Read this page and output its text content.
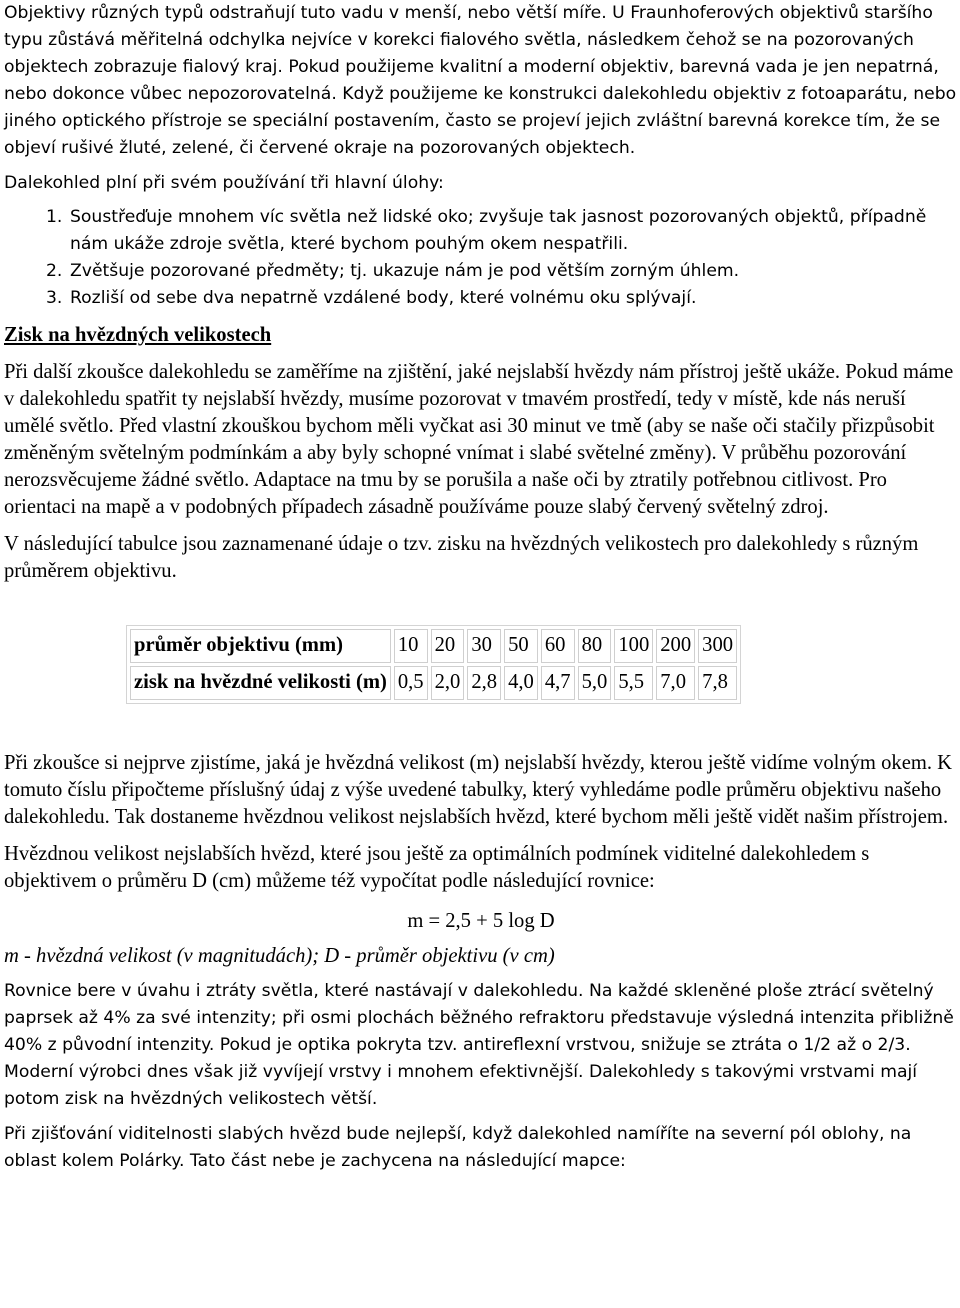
Objektivy různých typů odstraňují tuto vadu v menší, nebo větší míře. U Fraunhoferových objektivů staršího typu zůstává měřitelná odchylka nejvíce v korekci fialového světla, následkem čehož se na pozorovaných objektech zobrazuje fialový kraj. Pokud použijeme kvalitní a moderní objektiv, barevná vada je jen nepatrná, nebo dokonce vůbec nepozorovatelná. Když použijeme ke konstrukci dalekohledu objektiv z fotoaparátu, nebo jiného optického přístroje se speciální postavením, často se projeví jejich zvláštní barevná korekce tím, že se objeví rušivé žluté, zelené, či červené okraje na pozorovaných objektech.

Dalekohled plní při svém používání tři hlavní úlohy:

1. Soustřeďuje mnohem víc světla než lidské oko; zvyšuje tak jasnost pozorovaných objektů, případně nám ukáže zdroje světla, které bychom pouhým okem nespatřili.
2. Zvětšuje pozorované předměty; tj. ukazuje nám je pod větším zorným úhlem.
3. Rozliší od sebe dva nepatrně vzdálené body, které volnému oku splývají.

Zisk na hvězdných velikostech

Při další zkoušce dalekohledu se zaměříme na zjištění, jaké nejslabší hvězdy nám přístroj ještě ukáže. Pokud máme v dalekohledu spatřit ty nejslabší hvězdy, musíme pozorovat v tmavém prostředí, tedy v místě, kde nás neruší umělé světlo. Před vlastní zkouškou bychom měli vyčkat asi 30 minut ve tmě (aby se naše oči stačily přizpůsobit změněným světelným podmínkám a aby byly schopné vnímat i slabé světelné změny). V průběhu pozorování nerozsvěcujeme žádné světlo. Adaptace na tmu by se porušila a naše oči by ztratily potřebnou citlivost. Pro orientaci na mapě a v podobných případech zásadně používáme pouze slabý červený světelný zdroj.

V následující tabulce jsou zaznamenané údaje o tzv. zisku na hvězdných velikostech pro dalekohledy s různým průměrem objektivu.

průměr objektivu (mm)	10	20	30	50	60	80	100	200	300
zisk na hvězdné velikosti (m)	0,5	2,0	2,8	4,0	4,7	5,0	5,5	7,0	7,8

Při zkoušce si nejprve zjistíme, jaká je hvězdná velikost (m) nejslabší hvězdy, kterou ještě vidíme volným okem. K tomuto číslu připočteme příslušný údaj z výše uvedené tabulky, který vyhledáme podle průměru objektivu našeho dalekohledu. Tak dostaneme hvězdnou velikost nejslabších hvězd, které bychom měli ještě vidět našim přístrojem.

Hvězdnou velikost nejslabších hvězd, které jsou ještě za optimálních podmínek viditelné dalekohledem s objektivem o průměru D (cm) můžeme též vypočítat podle následující rovnice:

m = 2,5 + 5 log D

m - hvězdná velikost (v magnitudách); D - průměr objektivu (v cm)

Rovnice bere v úvahu i ztráty světla, které nastávají v dalekohledu. Na každé skleněné ploše ztrácí světelný paprsek až 4% za své intenzity; při osmi plochách běžného refraktoru představuje výsledná intenzita přibližně 40% z původní intenzity. Pokud je optika pokryta tzv. antireflexní vrstvou, snižuje se ztráta o 1/2 až o 2/3. Moderní výrobci dnes však již vyvíjejí vrstvy i mnohem efektivnější. Dalekohledy s takovými vrstvami mají potom zisk na hvězdných velikostech větší.

Při zjišťování viditelnosti slabých hvězd bude nejlepší, když dalekohled namíříte na severní pól oblohy, na oblast kolem Polárky. Tato část nebe je zachycena na následující mapce:
